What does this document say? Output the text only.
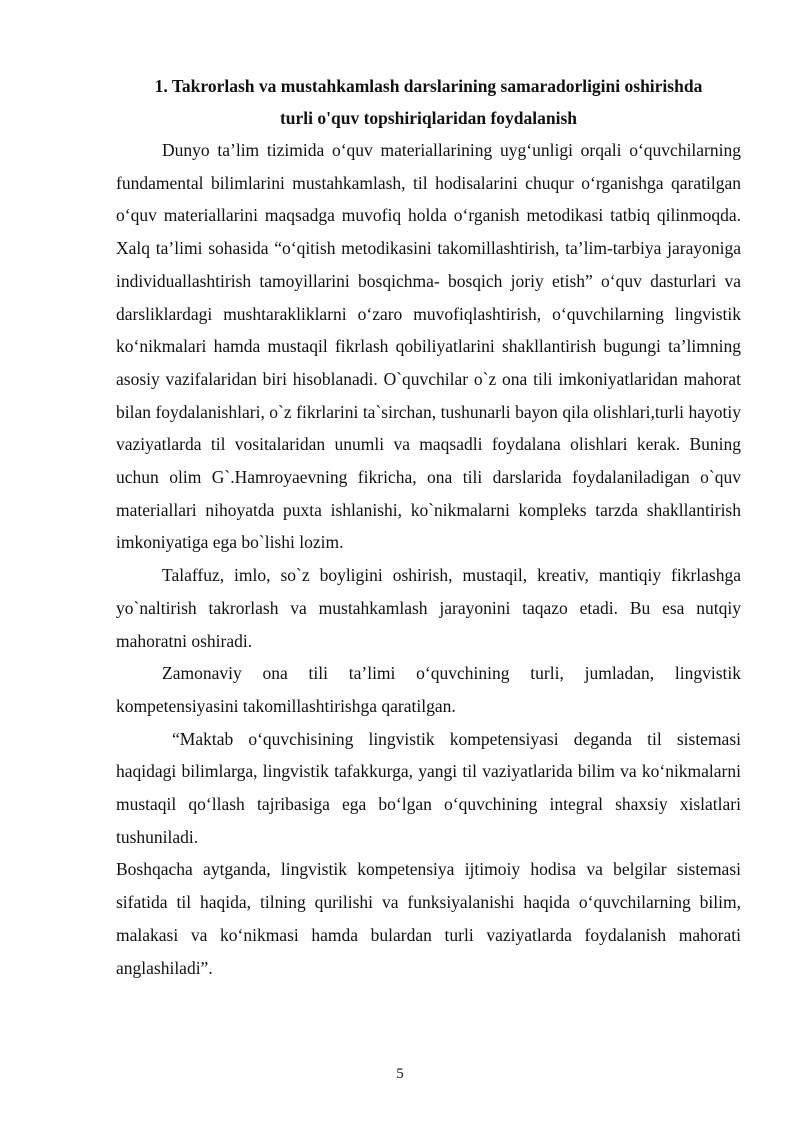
1. Takrorlash va mustahkamlash darslarining samaradorligini oshirishda
turli o'quv topshiriqlaridan foydalanish

Dunyo ta’lim tizimida o‘quv materiallarining uyg‘unligi orqali o‘quvchilarning fundamental bilimlarini mustahkamlash, til hodisalarini chuqur o‘rganishga qaratilgan o‘quv materiallarini maqsadga muvofiq holda o‘rganish metodikasi tatbiq qilinmoqda. Xalq ta’limi sohasida “o‘qitish metodikasini takomillashtirish, ta’lim-tarbiya jarayoniga individuallashtirish tamoyillarini bosqichma- bosqich joriy etish” o‘quv dasturlari va darsliklardagi mushtarakliklarni o‘zaro muvofiqlashtirish, o‘quvchilarning lingvistik ko‘nikmalari hamda mustaqil fikrlash qobiliyatlarini shakllantirish bugungi ta’limning asosiy vazifalaridan biri hisoblanadi. O`quvchilar o`z ona tili imkoniyatlaridan mahorat bilan foydalanishlari, o`z fikrlarini ta`sirchan, tushunarli bayon qila olishlari,turli hayotiy vaziyatlarda til vositalaridan unumli va maqsadli foydalana olishlari kerak. Buning uchun olim G`.Hamroyaevning fikricha, ona tili darslarida foydalaniladigan o`quv materiallari nihoyatda puxta ishlanishi, ko`nikmalarni kompleks tarzda shakllantirish imkoniyatiga ega bo`lishi lozim.

Talaffuz, imlo, so`z boyligini oshirish, mustaqil, kreativ, mantiqiy fikrlashga yo`naltirish takrorlash va mustahkamlash jarayonini taqazo etadi. Bu esa nutqiy mahoratni oshiradi.

Zamonaviy ona tili ta’limi o‘quvchining turli, jumladan, lingvistik kompetensiyasini takomillashtirishga qaratilgan.

“Maktab o‘quvchisining lingvistik kompetensiyasi deganda til sistemasi haqidagi bilimlarga, lingvistik tafakkurga, yangi til vaziyatlarida bilim va ko‘nikmalarni mustaqil qo‘llash tajribasiga ega bo‘lgan o‘quvchining integral shaxsiy xislatlari tushuniladi.

Boshqacha aytganda, lingvistik kompetensiya ijtimoiy hodisa va belgilar sistemasi sifatida til haqida, tilning qurilishi va funksiyalanishi haqida o‘quvchilarning bilim, malakasi va ko‘nikmasi hamda bulardan turli vaziyatlarda foydalanish mahorati anglashiladi”.

5
